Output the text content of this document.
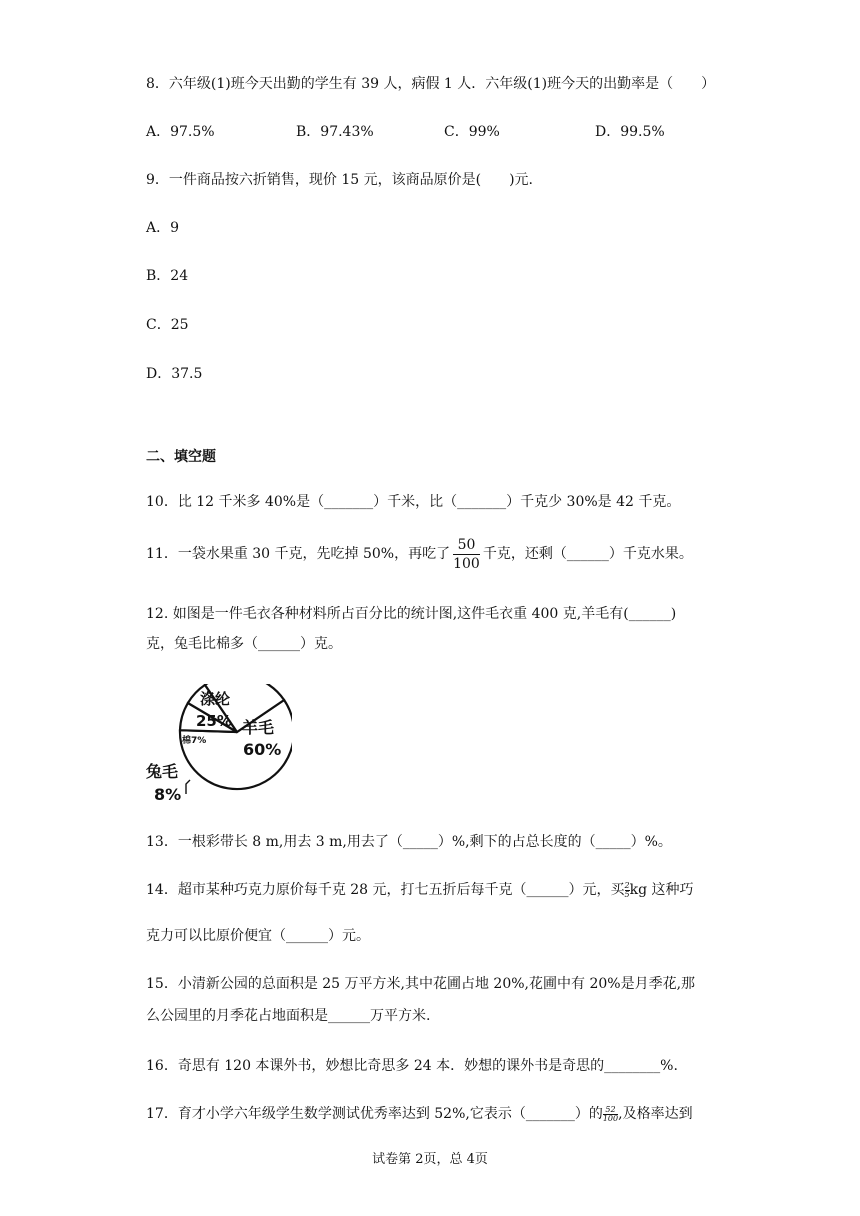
8．六年级(1)班今天出勤的学生有 39 人，病假 1 人．六年级(1)班今天的出勤率是（　　）
A．97.5%	B．97.43%	C．99%	D．99.5%
9．一件商品按六折销售，现价 15 元，该商品原价是(　　)元.
A．9
B．24
C．25
D．37.5
二、填空题
10．比 12 千米多 40%是（_______）千米，比（_______）千克少 30%是 42 千克。
11．一袋水果重 30 千克，先吃掉 50%，再吃了 $\frac{50}{100}$ 千克，还剩（______）千克水果。
12. 如图是一件毛衣各种材料所占百分比的统计图,这件毛衣重 400 克,羊毛有(______)
克，兔毛比棉多（______）克。
涤纶
25% 羊毛
60%
棉7%
兔毛
8%
13．一根彩带长 8 m,用去 3 m,用去了（_____）%,剩下的占总长度的（_____）%。
14．超市某种巧克力原价每千克 28 元，打七五折后每千克（______）元，买 $\frac{2}{5}$ kg 这种巧
克力可以比原价便宜（______）元。
15．小清新公园的总面积是 25 万平方米,其中花圃占地 20%,花圃中有 20%是月季花,那
么公园里的月季花占地面积是______万平方米.
16．奇思有 120 本课外书，妙想比奇思多 24 本．妙想的课外书是奇思的________%.
17．育才小学六年级学生数学测试优秀率达到 52%,它表示（_______）的 $\frac{52}{100}$ ,及格率达到
试卷第 2页，总 4页
